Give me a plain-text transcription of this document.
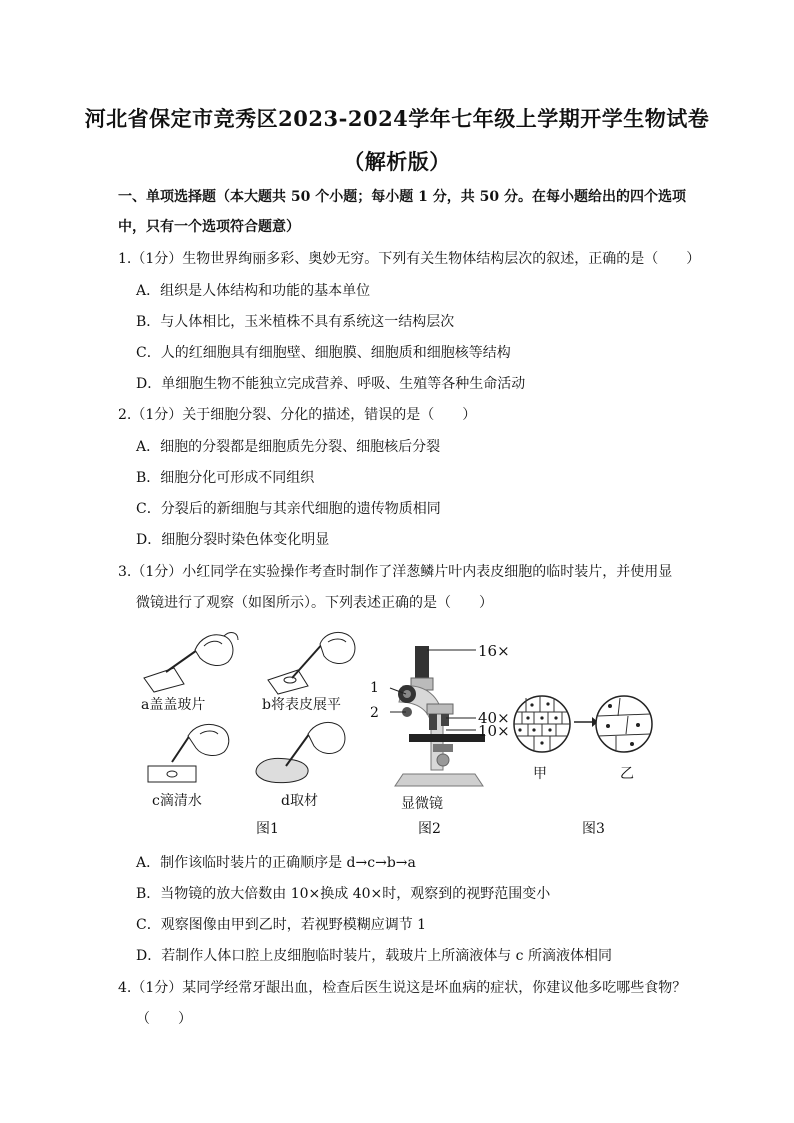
河北省保定市竞秀区2023-2024学年七年级上学期开学生物试卷
（解析版）
一、单项选择题（本大题共 50 个小题；每小题 1 分，共 50 分。在每小题给出的四个选项
中，只有一个选项符合题意）
1.（1分）生物世界绚丽多彩、奥妙无穷。下列有关生物体结构层次的叙述，正确的是（　　）
A．组织是人体结构和功能的基本单位
B．与人体相比，玉米植株不具有系统这一结构层次
C．人的红细胞具有细胞壁、细胞膜、细胞质和细胞核等结构
D．单细胞生物不能独立完成营养、呼吸、生殖等各种生命活动
2.（1分）关于细胞分裂、分化的描述，错误的是（　　）
A．细胞的分裂都是细胞质先分裂、细胞核后分裂
B．细胞分化可形成不同组织
C．分裂后的新细胞与其亲代细胞的遗传物质相同
D．细胞分裂时染色体变化明显
3.（1分）小红同学在实验操作考查时制作了洋葱鳞片叶内表皮细胞的临时装片，并使用显
微镜进行了观察（如图所示）。下列表述正确的是（　　）
a盖盖玻片	b将表皮展平
c滴清水	d取材
图1
16×
1
2	40×
10×
显微镜
图2
甲	乙
图3
A．制作该临时装片的正确顺序是 d→c→b→a
B．当物镜的放大倍数由 10×换成 40×时，观察到的视野范围变小
C．观察图像由甲到乙时，若视野模糊应调节 1
D．若制作人体口腔上皮细胞临时装片，载玻片上所滴液体与 c 所滴液体相同
4.（1分）某同学经常牙龈出血，检查后医生说这是坏血病的症状，你建议他多吃哪些食物？
（　　）
